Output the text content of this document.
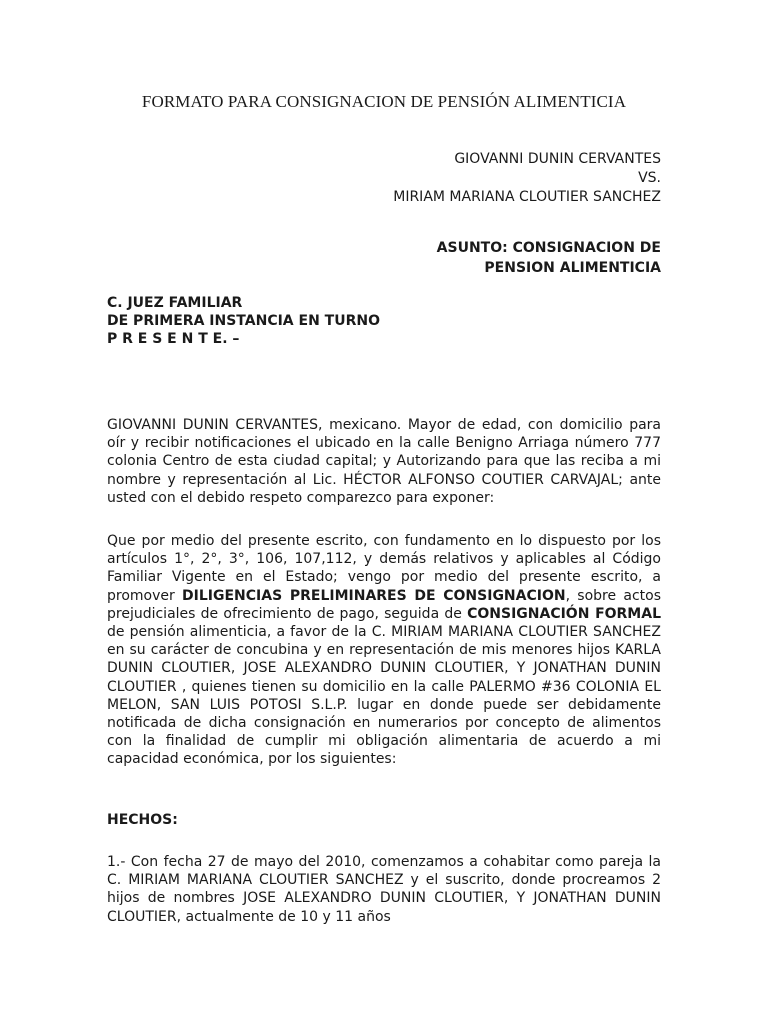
FORMATO PARA CONSIGNACION DE PENSIÓN ALIMENTICIA
GIOVANNI DUNIN CERVANTES
VS.
MIRIAM MARIANA CLOUTIER SANCHEZ
ASUNTO: CONSIGNACION DE
PENSION ALIMENTICIA
C. JUEZ FAMILIAR
DE PRIMERA INSTANCIA EN TURNO
P R E S E N T E. –

GIOVANNI DUNIN CERVANTES, mexicano. Mayor de edad, con domicilio para oír y recibir notificaciones el ubicado en la calle Benigno Arriaga número 777 colonia Centro de esta ciudad capital; y Autorizando para que las reciba a mi nombre y representación al Lic. HÉCTOR ALFONSO COUTIER CARVAJAL; ante usted con el debido respeto comparezco para exponer:

Que por medio del presente escrito, con fundamento en lo dispuesto por los artículos 1°, 2°, 3°, 106, 107,112, y demás relativos y aplicables al Código Familiar Vigente en el Estado; vengo por medio del presente escrito, a promover DILIGENCIAS PRELIMINARES DE CONSIGNACION, sobre actos prejudiciales de ofrecimiento de pago, seguida de CONSIGNACIÓN FORMAL de pensión alimenticia, a favor de la C. MIRIAM MARIANA CLOUTIER SANCHEZ en su carácter de concubina y en representación de mis menores hijos KARLA DUNIN CLOUTIER, JOSE ALEXANDRO DUNIN CLOUTIER, Y JONATHAN DUNIN CLOUTIER , quienes tienen su domicilio en la calle PALERMO #36 COLONIA EL MELON, SAN LUIS POTOSI S.L.P. lugar en donde puede ser debidamente notificada de dicha consignación en numerarios por concepto de alimentos con la finalidad de cumplir mi obligación alimentaria de acuerdo a mi capacidad económica, por los siguientes:

HECHOS:

1.- Con fecha 27 de mayo del 2010, comenzamos a cohabitar como pareja la C. MIRIAM MARIANA CLOUTIER SANCHEZ y el suscrito, donde procreamos 2 hijos de nombres JOSE ALEXANDRO DUNIN CLOUTIER, Y JONATHAN DUNIN CLOUTIER, actualmente de 10 y 11 años
